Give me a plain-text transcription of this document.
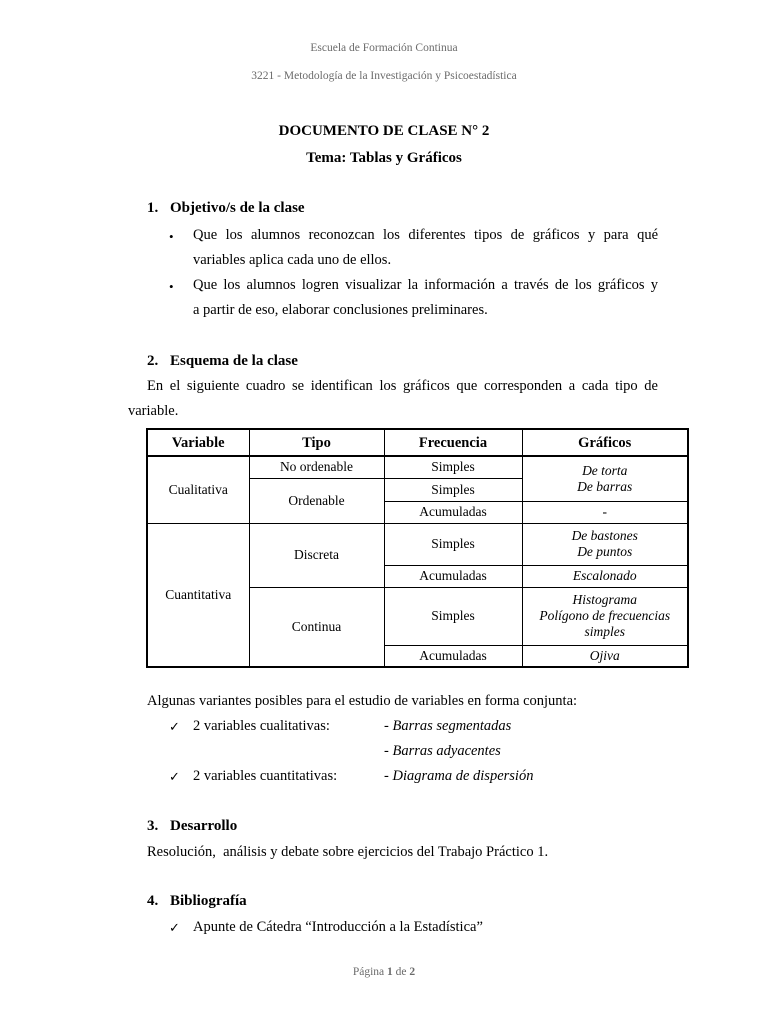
Escuela de Formación Continua
3221 - Metodología de la Investigación y Psicoestadística
DOCUMENTO DE CLASE N° 2
Tema: Tablas y Gráficos
1. Objetivo/s de la clase
• Que los alumnos reconozcan los diferentes tipos de gráficos y para qué
variables aplica cada uno de ellos.
• Que los alumnos logren visualizar la información a través de los gráficos y
a partir de eso, elaborar conclusiones preliminares.
2. Esquema de la clase
En el siguiente cuadro se identifican los gráficos que corresponden a cada tipo de
variable.
Variable	Tipo	Frecuencia	Gráficos
Cualitativa	No ordenable	Simples	De torta
De barras

	Ordenable	Simples	
		Acumuladas	-
Cuantitativa	Discreta	Simples	De bastones
De puntos

		Acumuladas	Escalonado
	Continua	Simples	Histograma
Polígono de frecuencias
simples

		Acumuladas	Ojiva
Algunas variantes posibles para el estudio de variables en forma conjunta:
✓ 2 variables cualitativas:	- Barras segmentadas
- Barras adyacentes
✓ 2 variables cuantitativas:	- Diagrama de dispersión
3. Desarrollo
Resolución,  análisis y debate sobre ejercicios del Trabajo Práctico 1.
4. Bibliografía
✓ Apunte de Cátedra “Introducción a la Estadística”
Página 1 de 2
